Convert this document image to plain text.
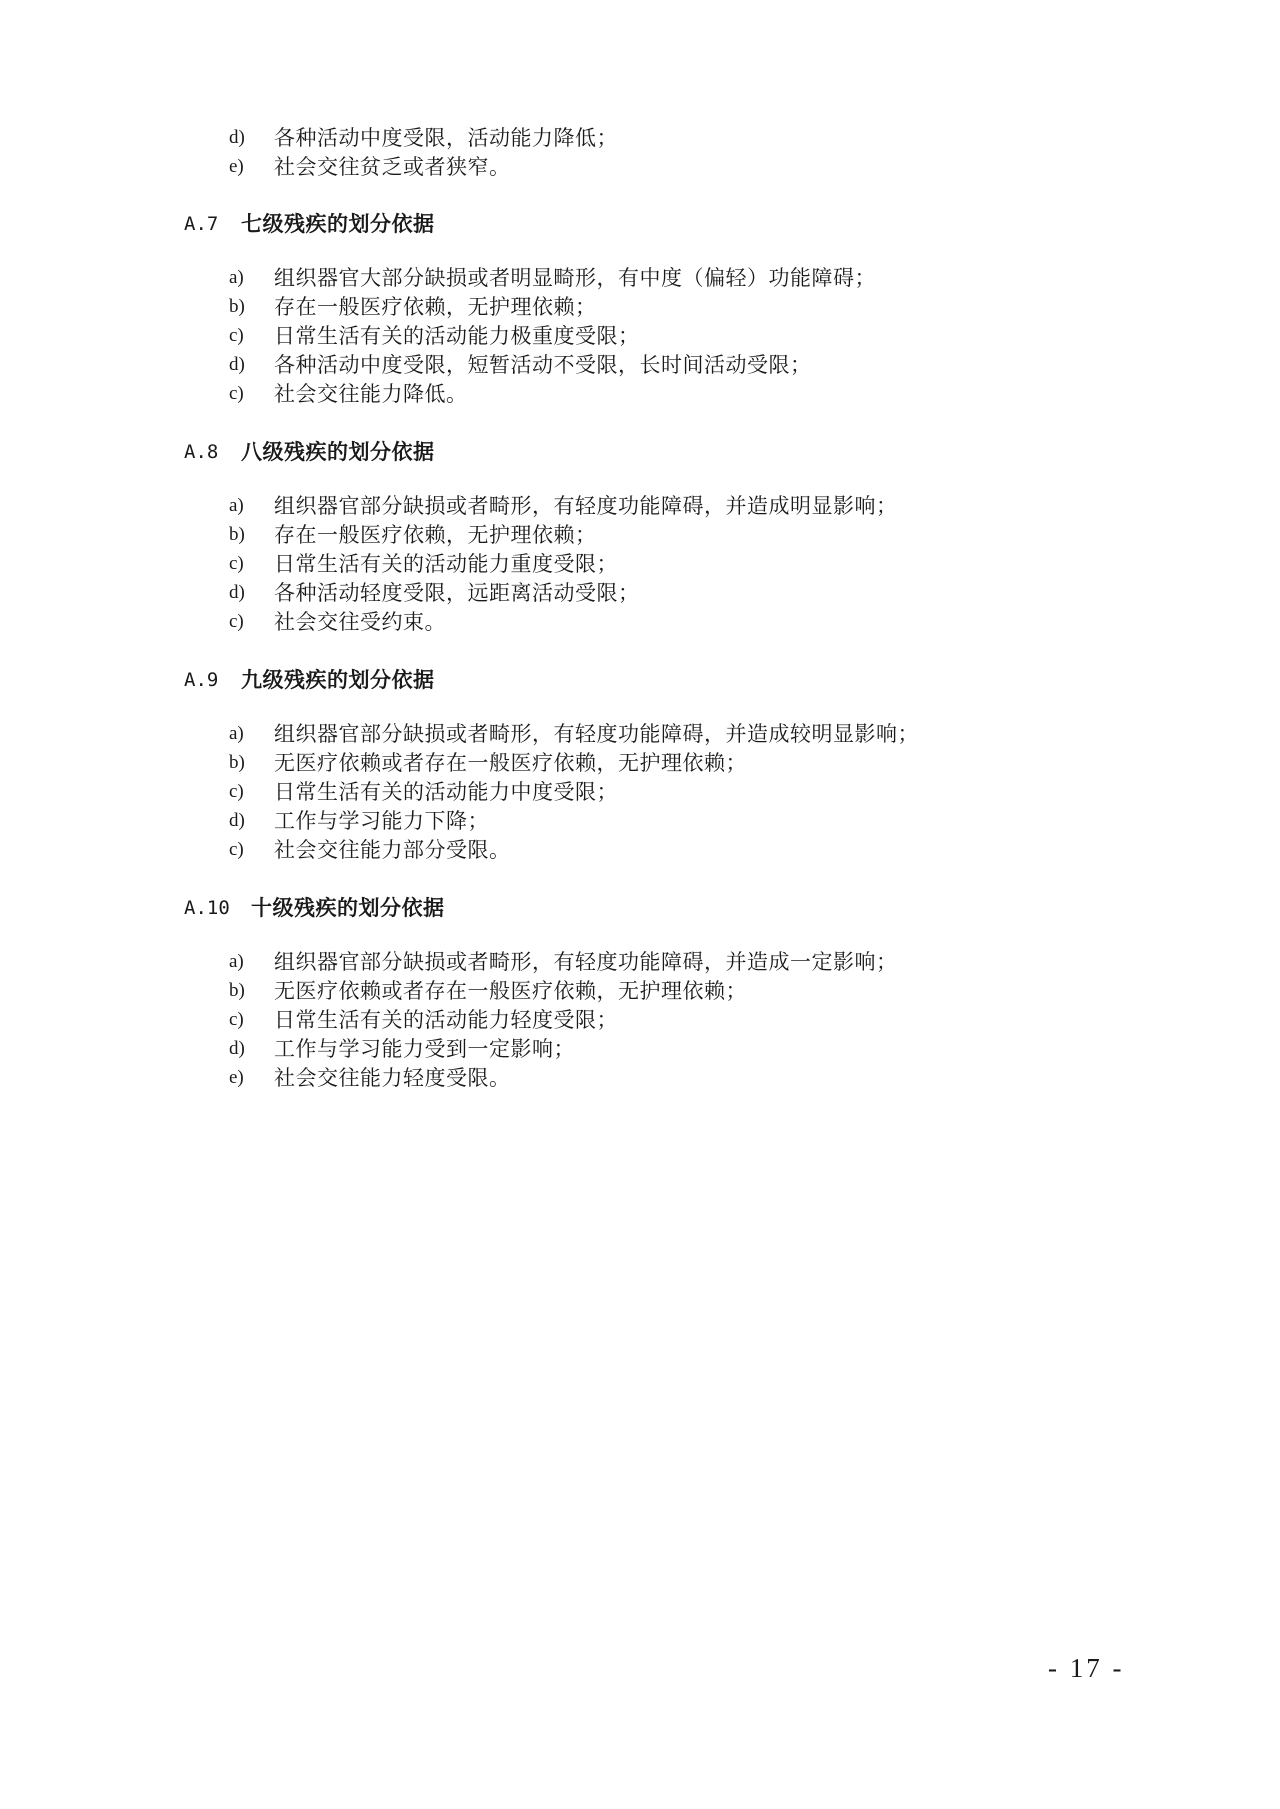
d) 各种活动中度受限，活动能力降低；
e) 社会交往贫乏或者狭窄。
A.7 七级残疾的划分依据
a) 组织器官大部分缺损或者明显畸形，有中度（偏轻）功能障碍；
b) 存在一般医疗依赖，无护理依赖；
c) 日常生活有关的活动能力极重度受限；
d) 各种活动中度受限，短暂活动不受限，长时间活动受限；
c) 社会交往能力降低。
A.8 八级残疾的划分依据
a) 组织器官部分缺损或者畸形，有轻度功能障碍，并造成明显影响；
b) 存在一般医疗依赖，无护理依赖；
c) 日常生活有关的活动能力重度受限；
d) 各种活动轻度受限，远距离活动受限；
c) 社会交往受约束。
A.9 九级残疾的划分依据
a) 组织器官部分缺损或者畸形，有轻度功能障碍，并造成较明显影响；
b) 无医疗依赖或者存在一般医疗依赖，无护理依赖；
c) 日常生活有关的活动能力中度受限；
d) 工作与学习能力下降；
c) 社会交往能力部分受限。
A.10 十级残疾的划分依据
a) 组织器官部分缺损或者畸形，有轻度功能障碍，并造成一定影响；
b) 无医疗依赖或者存在一般医疗依赖，无护理依赖；
c) 日常生活有关的活动能力轻度受限；
d) 工作与学习能力受到一定影响；
e) 社会交往能力轻度受限。
- 17 -
